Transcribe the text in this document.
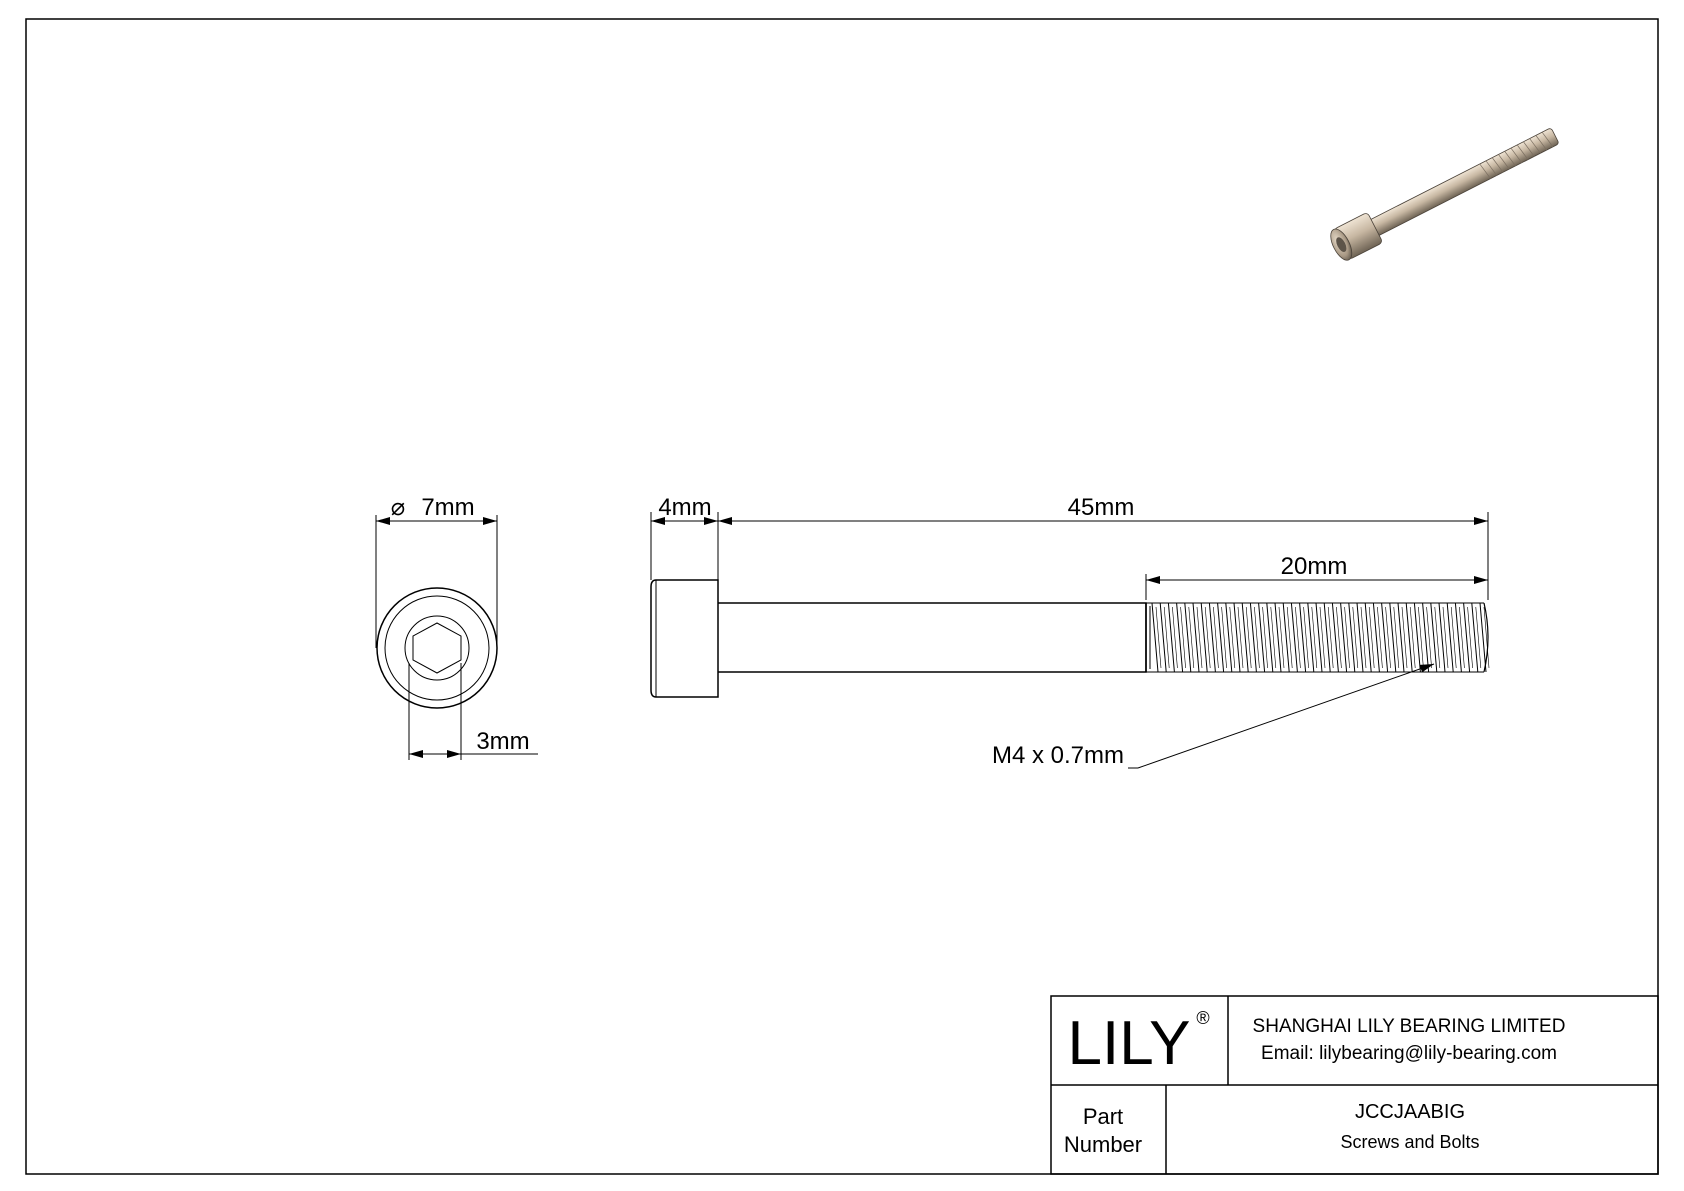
⌀ 7mm
3mm
4mm	45mm
20mm
M4 x 0.7mm
LILY ® SHANGHAI LILY BEARING LIMITED
Email: lilybearing@lily-bearing.com
Part
Number
JCCJAABIG
Screws and Bolts
